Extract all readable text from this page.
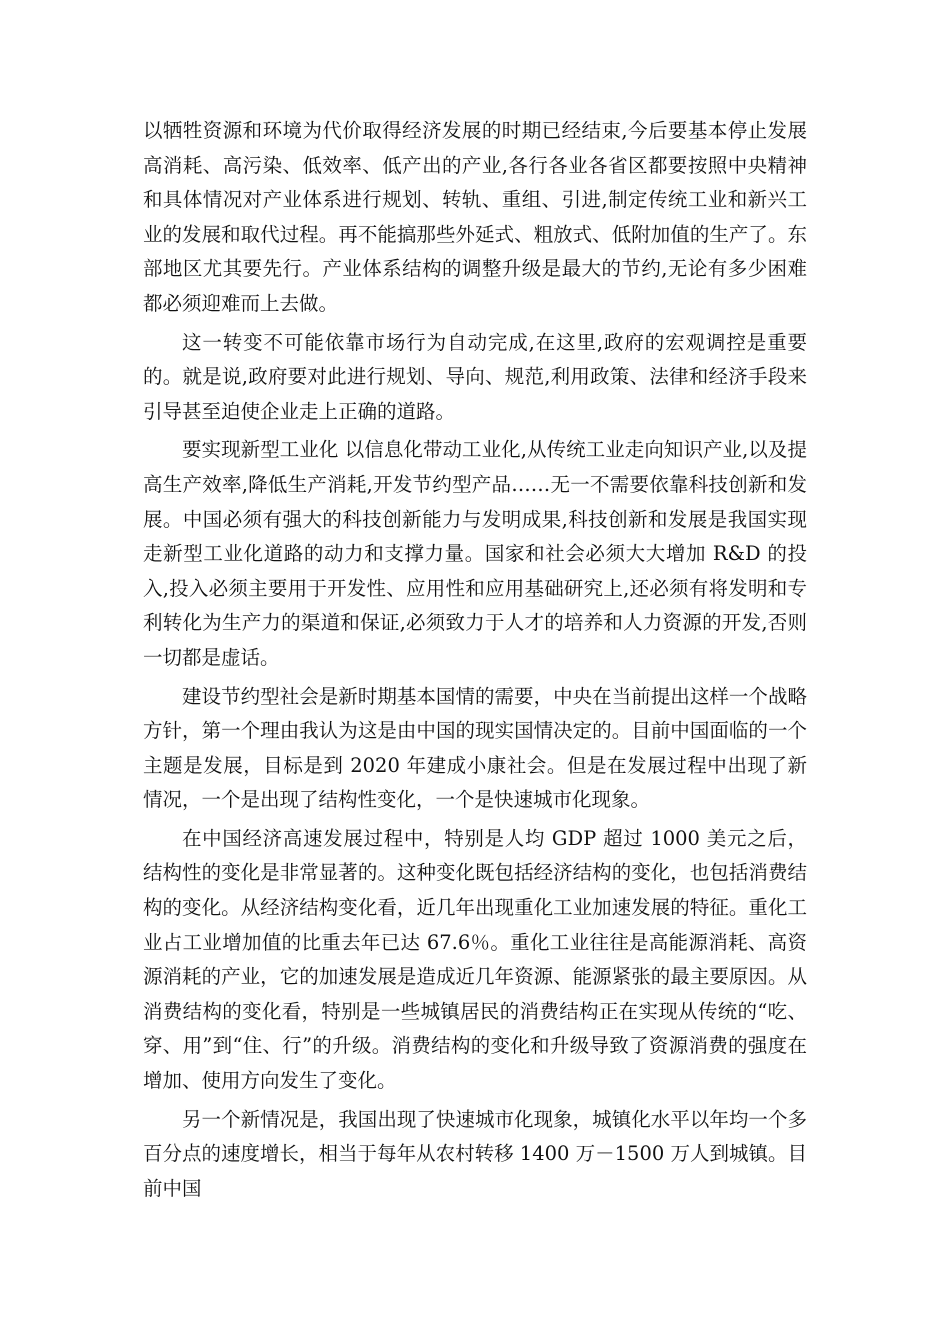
以牺牲资源和环境为代价取得经济发展的时期已经结束,今后要基本停止发展高消耗、高污染、低效率、低产出的产业,各行各业各省区都要按照中央精神和具体情况对产业体系进行规划、转轨、重组、引进,制定传统工业和新兴工业的发展和取代过程。再不能搞那些外延式、粗放式、低附加值的生产了。东部地区尤其要先行。产业体系结构的调整升级是最大的节约,无论有多少困难都必须迎难而上去做。

这一转变不可能依靠市场行为自动完成,在这里,政府的宏观调控是重要的。就是说,政府要对此进行规划、导向、规范,利用政策、法律和经济手段来引导甚至迫使企业走上正确的道路。

要实现新型工业化 以信息化带动工业化,从传统工业走向知识产业,以及提高生产效率,降低生产消耗,开发节约型产品……无一不需要依靠科技创新和发展。中国必须有强大的科技创新能力与发明成果,科技创新和发展是我国实现走新型工业化道路的动力和支撑力量。国家和社会必须大大增加 R&D 的投入,投入必须主要用于开发性、应用性和应用基础研究上,还必须有将发明和专利转化为生产力的渠道和保证,必须致力于人才的培养和人力资源的开发,否则一切都是虚话。

建设节约型社会是新时期基本国情的需要，中央在当前提出这样一个战略方针，第一个理由我认为这是由中国的现实国情决定的。目前中国面临的一个主题是发展，目标是到 2020 年建成小康社会。但是在发展过程中出现了新情况，一个是出现了结构性变化，一个是快速城市化现象。

在中国经济高速发展过程中，特别是人均 GDP 超过 1000 美元之后，结构性的变化是非常显著的。这种变化既包括经济结构的变化，也包括消费结构的变化。从经济结构变化看，近几年出现重化工业加速发展的特征。重化工业占工业增加值的比重去年已达 67.6％。重化工业往往是高能源消耗、高资源消耗的产业，它的加速发展是造成近几年资源、能源紧张的最主要原因。从消费结构的变化看，特别是一些城镇居民的消费结构正在实现从传统的“吃、穿、用”到“住、行”的升级。消费结构的变化和升级导致了资源消费的强度在增加、使用方向发生了变化。

另一个新情况是，我国出现了快速城市化现象，城镇化水平以年均一个多百分点的速度增长，相当于每年从农村转移 1400 万－1500 万人到城镇。目前中国
